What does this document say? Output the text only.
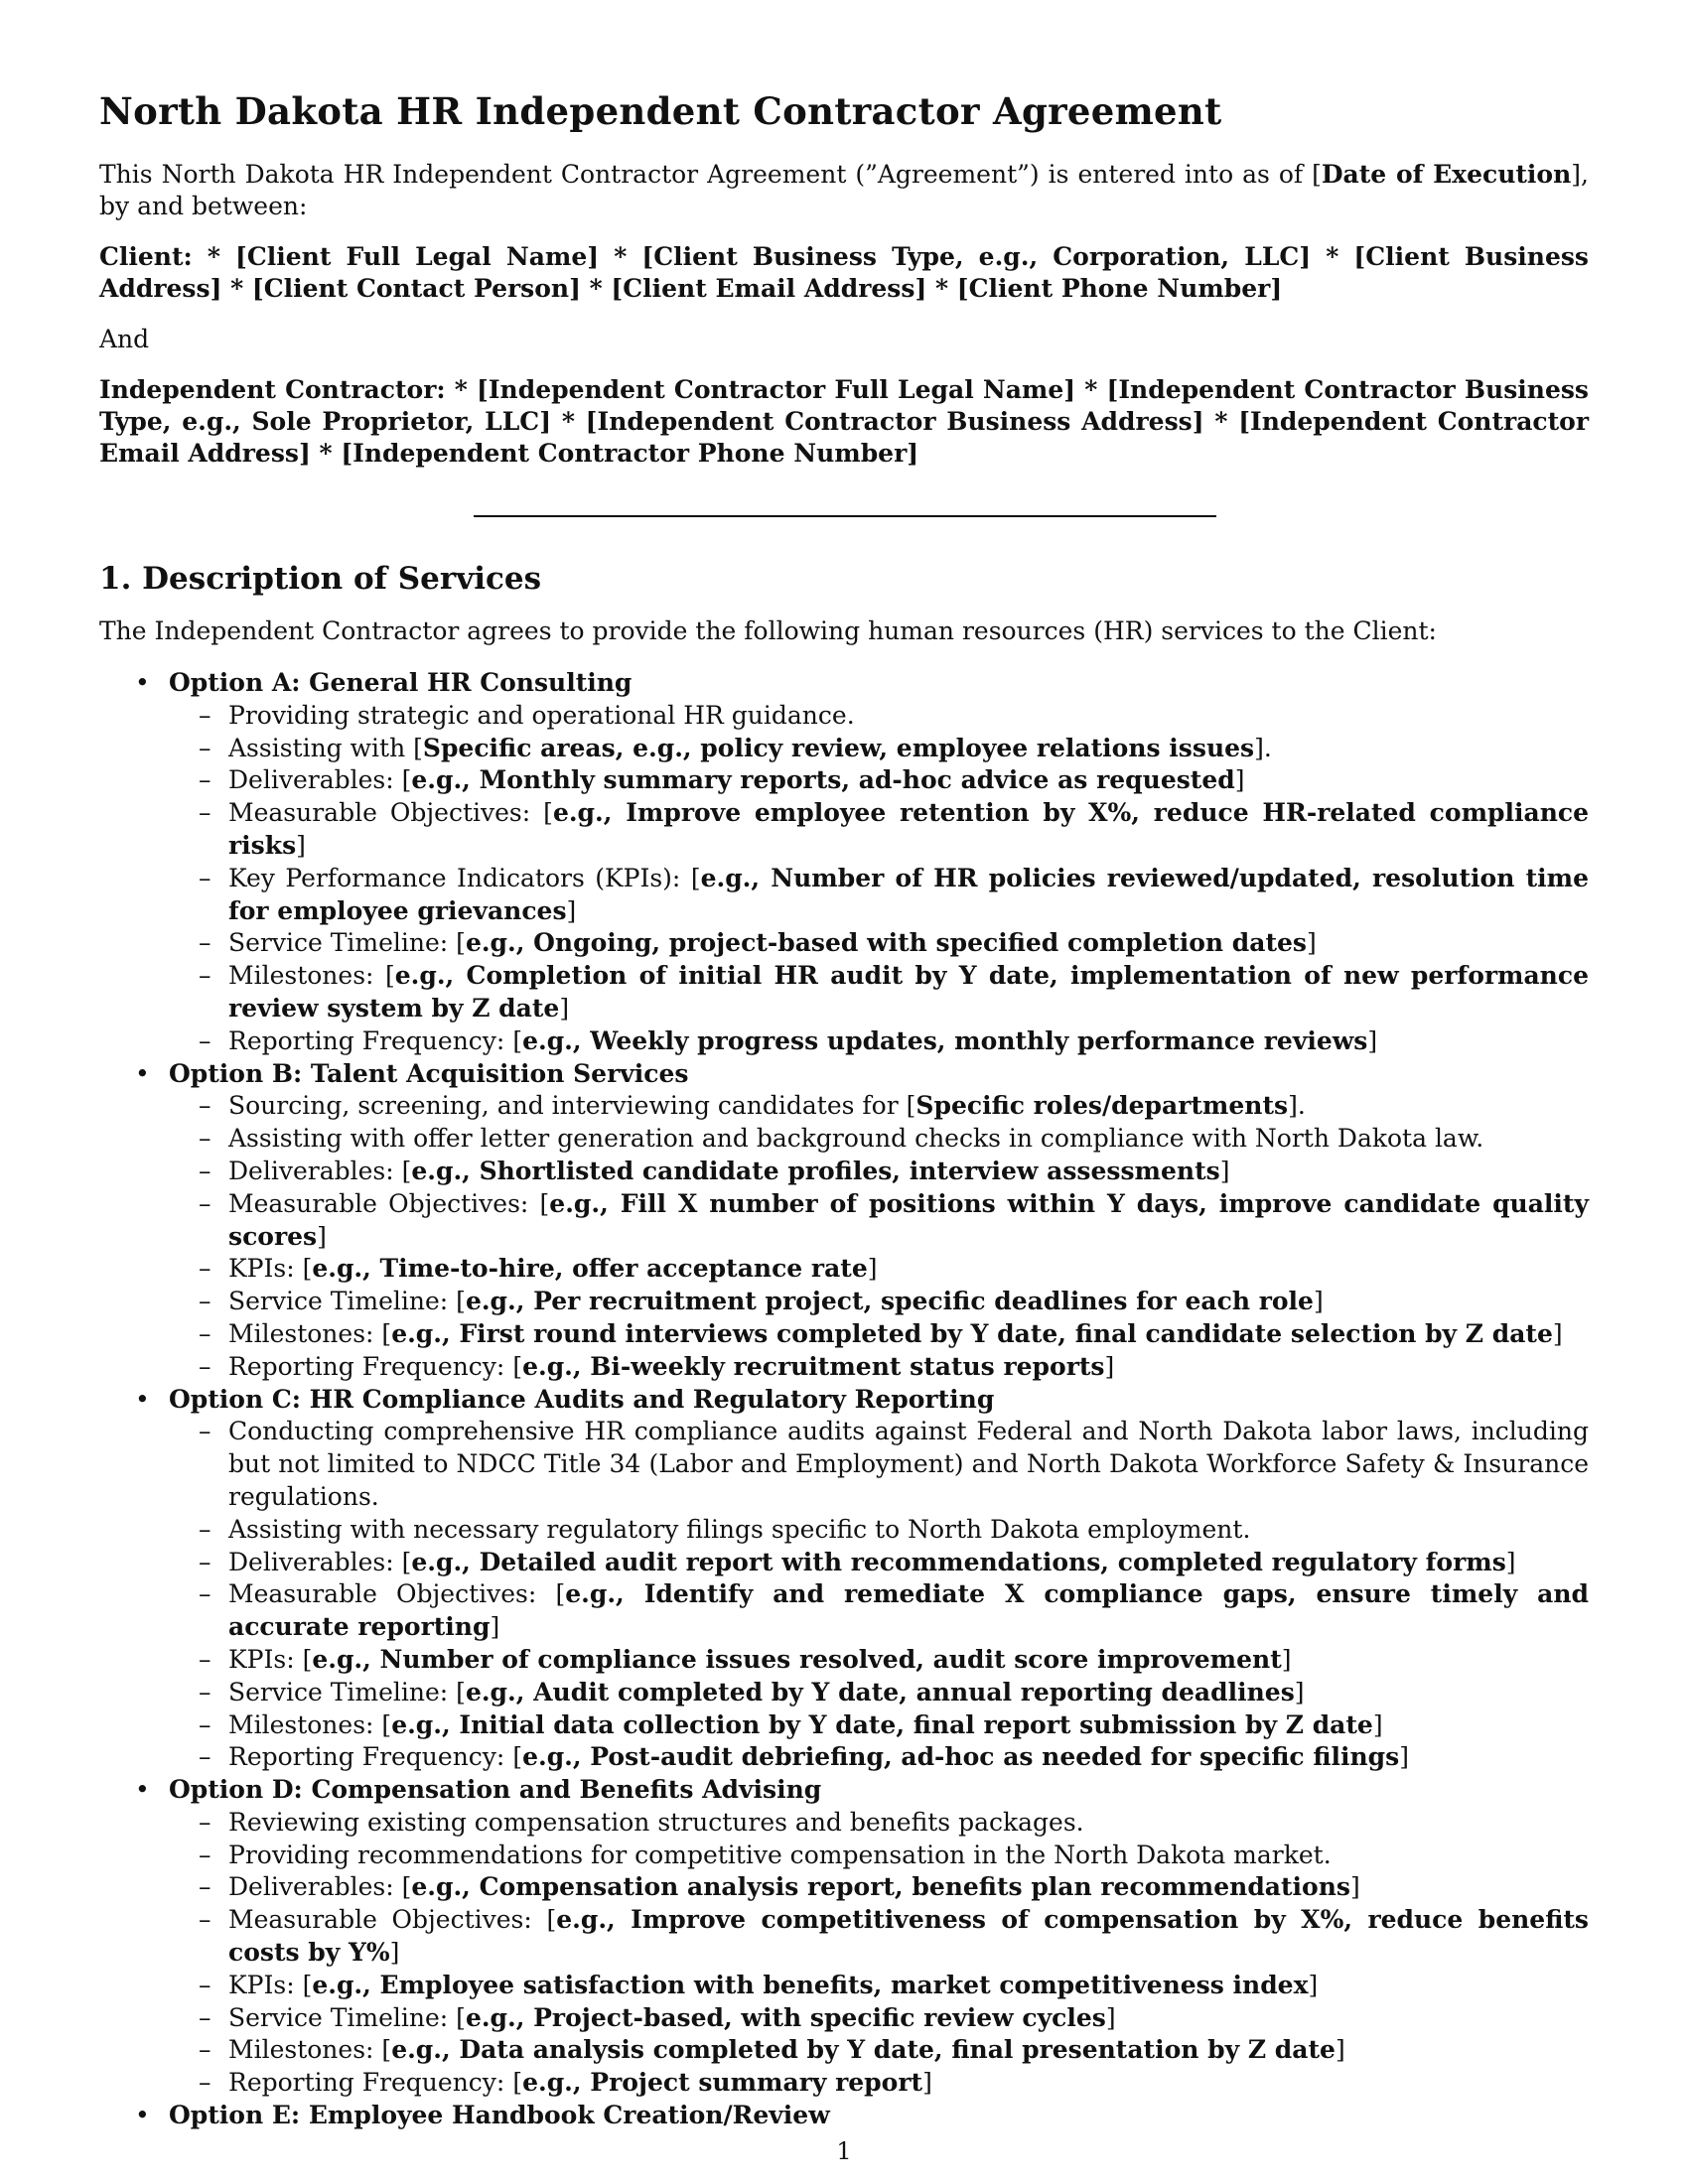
North Dakota HR Independent Contractor Agreement

This North Dakota HR Independent Contractor Agreement (”Agreement”) is entered into as of [Date of Execution], by and between:

Client: * [Client Full Legal Name] * [Client Business Type, e.g., Corporation, LLC] * [Client Business Address] * [Client Contact Person] * [Client Email Address] * [Client Phone Number]

And

Independent Contractor: * [Independent Contractor Full Legal Name] * [Independent Contractor Business Type, e.g., Sole Proprietor, LLC] * [Independent Contractor Business Address] * [Independent Contractor Email Address] * [Independent Contractor Phone Number]

1. Description of Services

The Independent Contractor agrees to provide the following human resources (HR) services to the Client:

• Option A: General HR Consulting
– Providing strategic and operational HR guidance.
– Assisting with [Specific areas, e.g., policy review, employee relations issues].
– Deliverables: [e.g., Monthly summary reports, ad-hoc advice as requested]
– Measurable Objectives: [e.g., Improve employee retention by X%, reduce HR-related compliance risks]
– Key Performance Indicators (KPIs): [e.g., Number of HR policies reviewed/updated, resolution time for employee grievances]
– Service Timeline: [e.g., Ongoing, project-based with specified completion dates]
– Milestones: [e.g., Completion of initial HR audit by Y date, implementation of new performance review system by Z date]
– Reporting Frequency: [e.g., Weekly progress updates, monthly performance reviews]
• Option B: Talent Acquisition Services
– Sourcing, screening, and interviewing candidates for [Specific roles/departments].
– Assisting with offer letter generation and background checks in compliance with North Dakota law.
– Deliverables: [e.g., Shortlisted candidate profiles, interview assessments]
– Measurable Objectives: [e.g., Fill X number of positions within Y days, improve candidate quality scores]
– KPIs: [e.g., Time-to-hire, offer acceptance rate]
– Service Timeline: [e.g., Per recruitment project, specific deadlines for each role]
– Milestones: [e.g., First round interviews completed by Y date, final candidate selection by Z date]
– Reporting Frequency: [e.g., Bi-weekly recruitment status reports]
• Option C: HR Compliance Audits and Regulatory Reporting
– Conducting comprehensive HR compliance audits against Federal and North Dakota labor laws, including but not limited to NDCC Title 34 (Labor and Employment) and North Dakota Workforce Safety & Insurance regulations.
– Assisting with necessary regulatory filings specific to North Dakota employment.
– Deliverables: [e.g., Detailed audit report with recommendations, completed regulatory forms]
– Measurable Objectives: [e.g., Identify and remediate X compliance gaps, ensure timely and accurate reporting]
– KPIs: [e.g., Number of compliance issues resolved, audit score improvement]
– Service Timeline: [e.g., Audit completed by Y date, annual reporting deadlines]
– Milestones: [e.g., Initial data collection by Y date, final report submission by Z date]
– Reporting Frequency: [e.g., Post-audit debriefing, ad-hoc as needed for specific filings]
• Option D: Compensation and Benefits Advising
– Reviewing existing compensation structures and benefits packages.
– Providing recommendations for competitive compensation in the North Dakota market.
– Deliverables: [e.g., Compensation analysis report, benefits plan recommendations]
– Measurable Objectives: [e.g., Improve competitiveness of compensation by X%, reduce benefits costs by Y%]
– KPIs: [e.g., Employee satisfaction with benefits, market competitiveness index]
– Service Timeline: [e.g., Project-based, with specific review cycles]
– Milestones: [e.g., Data analysis completed by Y date, final presentation by Z date]
– Reporting Frequency: [e.g., Project summary report]
• Option E: Employee Handbook Creation/Review
1
